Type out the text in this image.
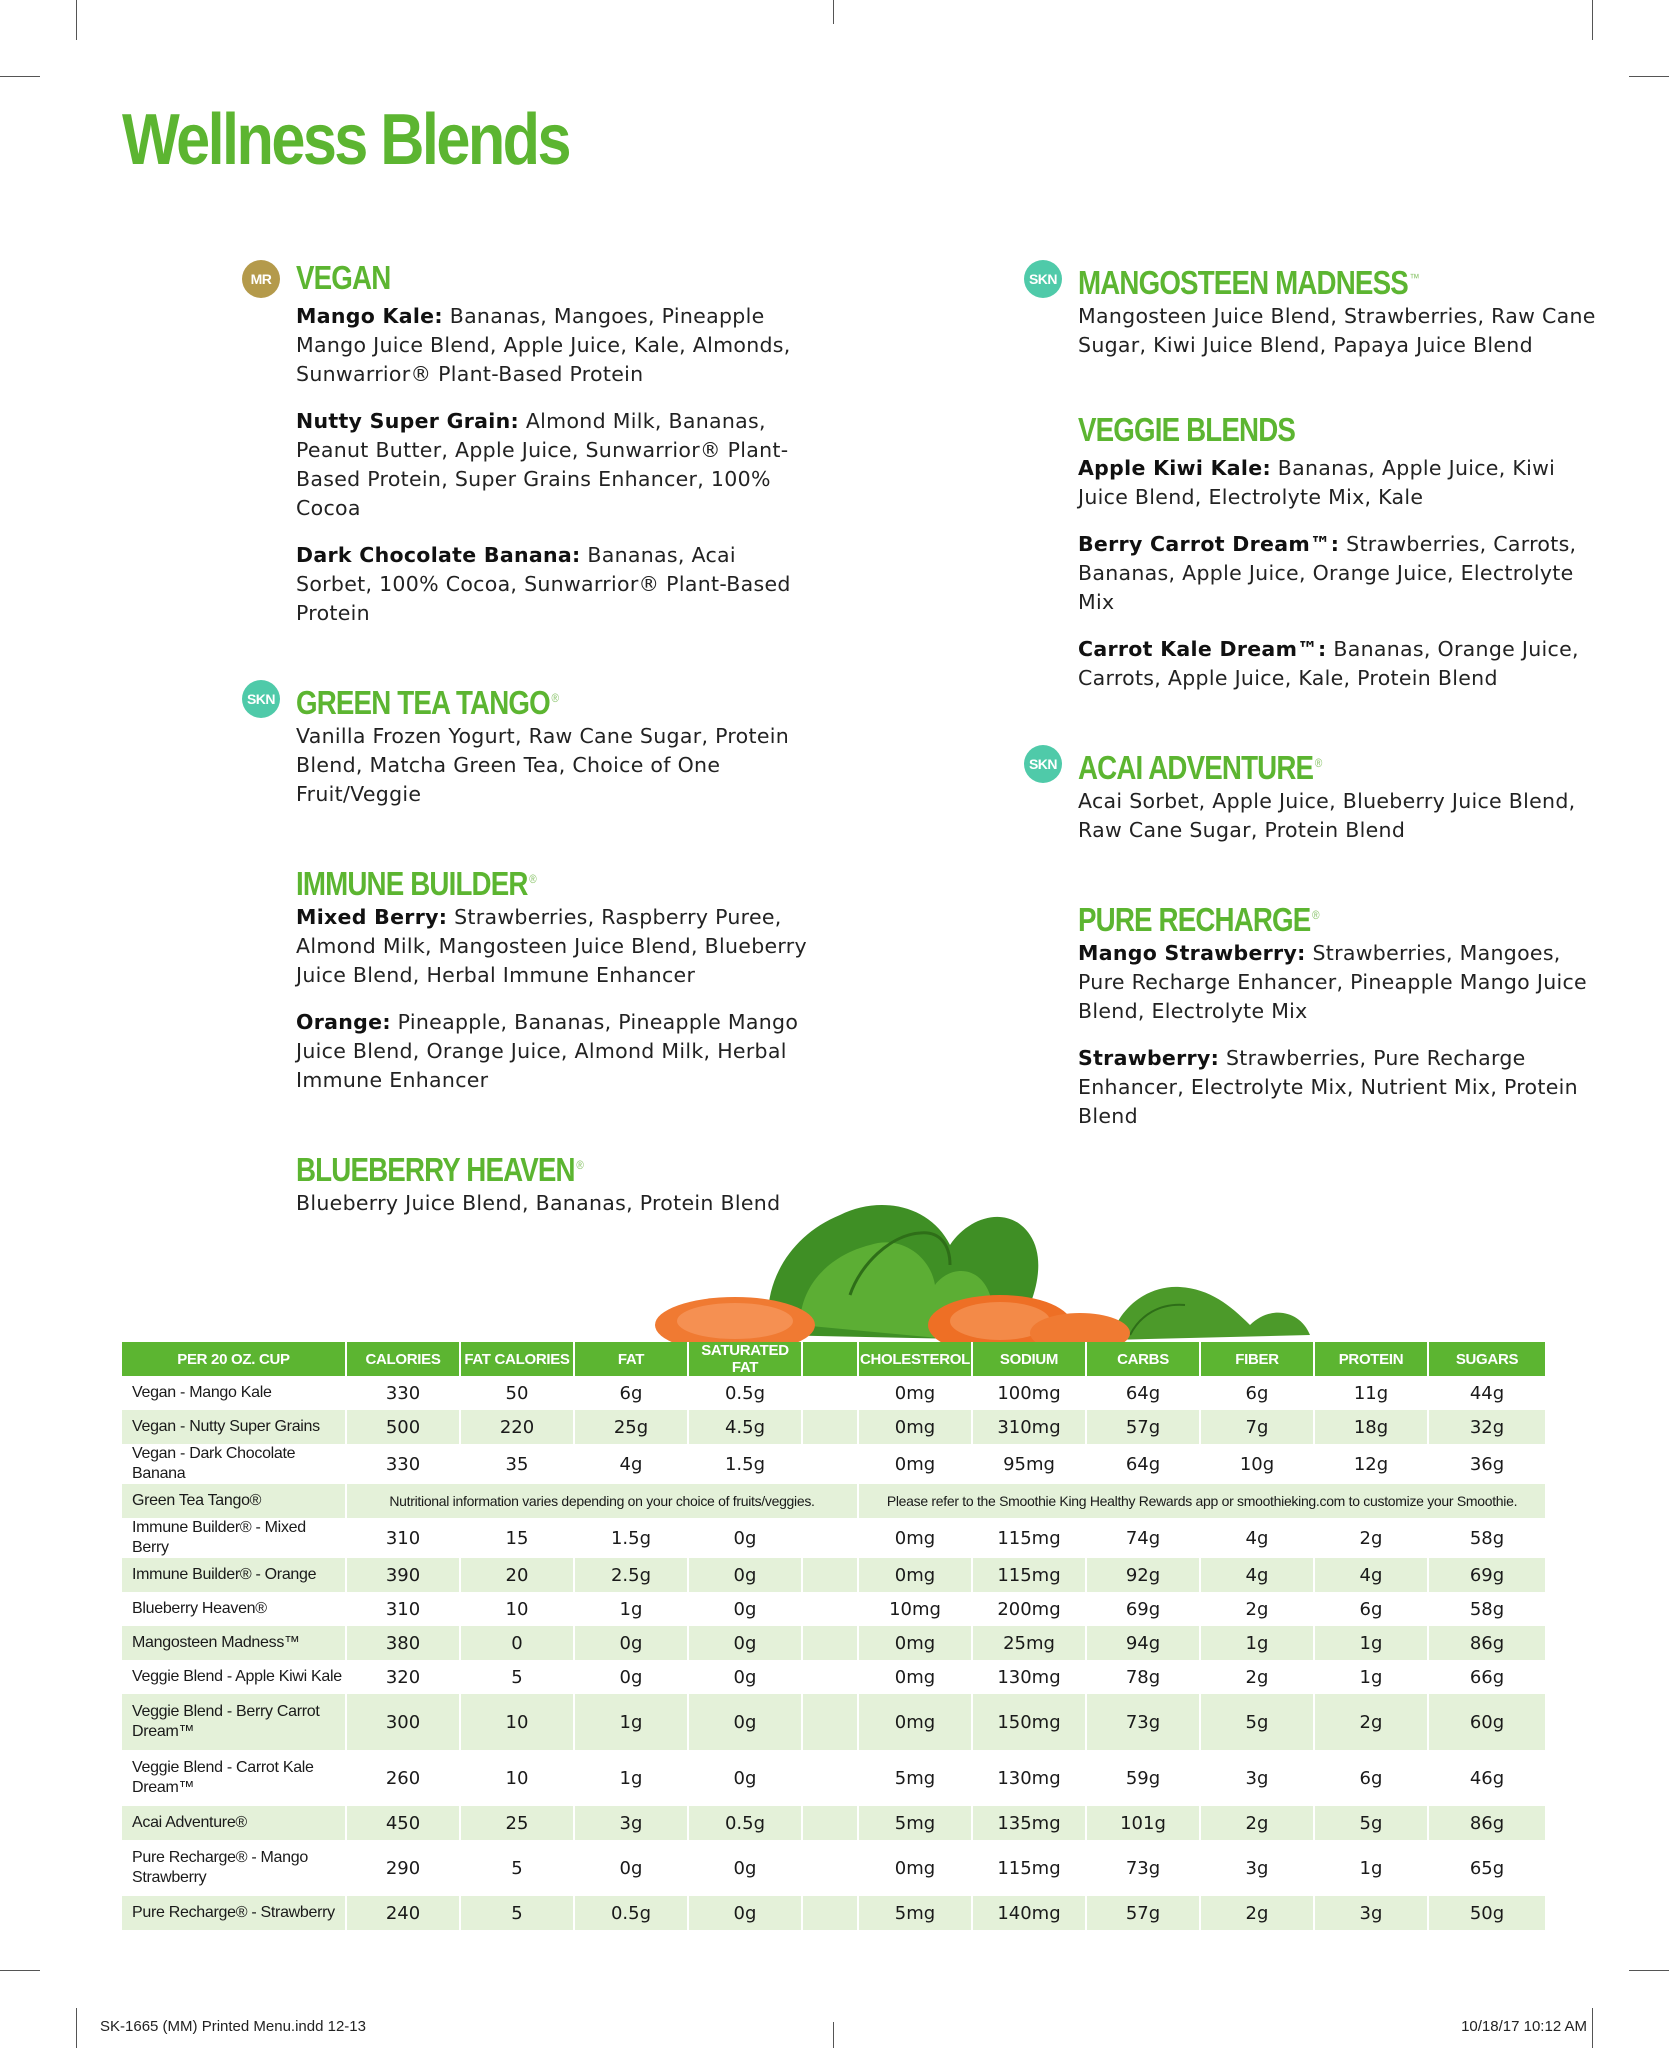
Wellness Blends
MR VEGAN
Mango Kale: Bananas, Mangoes, Pineapple Mango Juice Blend, Apple Juice, Kale, Almonds, Sunwarrior® Plant-Based Protein
Nutty Super Grain: Almond Milk, Bananas, Peanut Butter, Apple Juice, Sunwarrior® Plant-Based Protein, Super Grains Enhancer, 100% Cocoa
Dark Chocolate Banana: Bananas, Acai Sorbet, 100% Cocoa, Sunwarrior® Plant-Based Protein
SKN GREEN TEA TANGO ®
Vanilla Frozen Yogurt, Raw Cane Sugar, Protein Blend, Matcha Green Tea, Choice of One Fruit/Veggie
IMMUNE BUILDER ®
Mixed Berry: Strawberries, Raspberry Puree, Almond Milk, Mangosteen Juice Blend, Blueberry Juice Blend, Herbal Immune Enhancer
Orange: Pineapple, Bananas, Pineapple Mango Juice Blend, Orange Juice, Almond Milk, Herbal Immune Enhancer
BLUEBERRY HEAVEN ®
Blueberry Juice Blend, Bananas, Protein Blend
SKN MANGOSTEEN MADNESS ™
Mangosteen Juice Blend, Strawberries, Raw Cane Sugar, Kiwi Juice Blend, Papaya Juice Blend
VEGGIE BLENDS
Apple Kiwi Kale: Bananas, Apple Juice, Kiwi Juice Blend, Electrolyte Mix, Kale
Berry Carrot Dream™: Strawberries, Carrots, Bananas, Apple Juice, Orange Juice, Electrolyte Mix
Carrot Kale Dream™: Bananas, Orange Juice, Carrots, Apple Juice, Kale, Protein Blend
SKN ACAI ADVENTURE ®
Acai Sorbet, Apple Juice, Blueberry Juice Blend, Raw Cane Sugar, Protein Blend
PURE RECHARGE ®
Mango Strawberry: Strawberries, Mangoes, Pure Recharge Enhancer, Pineapple Mango Juice Blend, Electrolyte Mix
Strawberry: Strawberries, Pure Recharge Enhancer, Electrolyte Mix, Nutrient Mix, Protein Blend
PER 20 OZ. CUP	CALORIES	FAT CALORIES	FAT	SATURATED FAT		CHOLESTEROL	SODIUM	CARBS	FIBER	PROTEIN	SUGARS
Vegan - Mango Kale	330	50	6g	0.5g		0mg	100mg	64g	6g	11g	44g
Vegan - Nutty Super Grains	500	220	25g	4.5g		0mg	310mg	57g	7g	18g	32g
Vegan - Dark Chocolate Banana	330	35	4g	1.5g		0mg	95mg	64g	10g	12g	36g
Green Tea Tango®	Nutritional information varies depending on your choice of fruits/veggies.					Please refer to the Smoothie King Healthy Rewards app or smoothieking.com to customize your Smoothie.					
Immune Builder® - Mixed Berry	310	15	1.5g	0g		0mg	115mg	74g	4g	2g	58g
Immune Builder® - Orange	390	20	2.5g	0g		0mg	115mg	92g	4g	4g	69g
Blueberry Heaven®	310	10	1g	0g		10mg	200mg	69g	2g	6g	58g
Mangosteen Madness™	380	0	0g	0g		0mg	25mg	94g	1g	1g	86g
Veggie Blend - Apple Kiwi Kale	320	5	0g	0g		0mg	130mg	78g	2g	1g	66g
Veggie Blend - Berry Carrot Dream™	300	10	1g	0g		0mg	150mg	73g	5g	2g	60g
Veggie Blend - Carrot Kale Dream™	260	10	1g	0g		5mg	130mg	59g	3g	6g	46g
Acai Adventure®	450	25	3g	0.5g		5mg	135mg	101g	2g	5g	86g
Pure Recharge® - Mango Strawberry	290	5	0g	0g		0mg	115mg	73g	3g	1g	65g
Pure Recharge® - Strawberry	240	5	0.5g	0g		5mg	140mg	57g	2g	3g	50g
SK-1665 (MM) Printed Menu.indd 12-13	10/18/17 10:12 AM
